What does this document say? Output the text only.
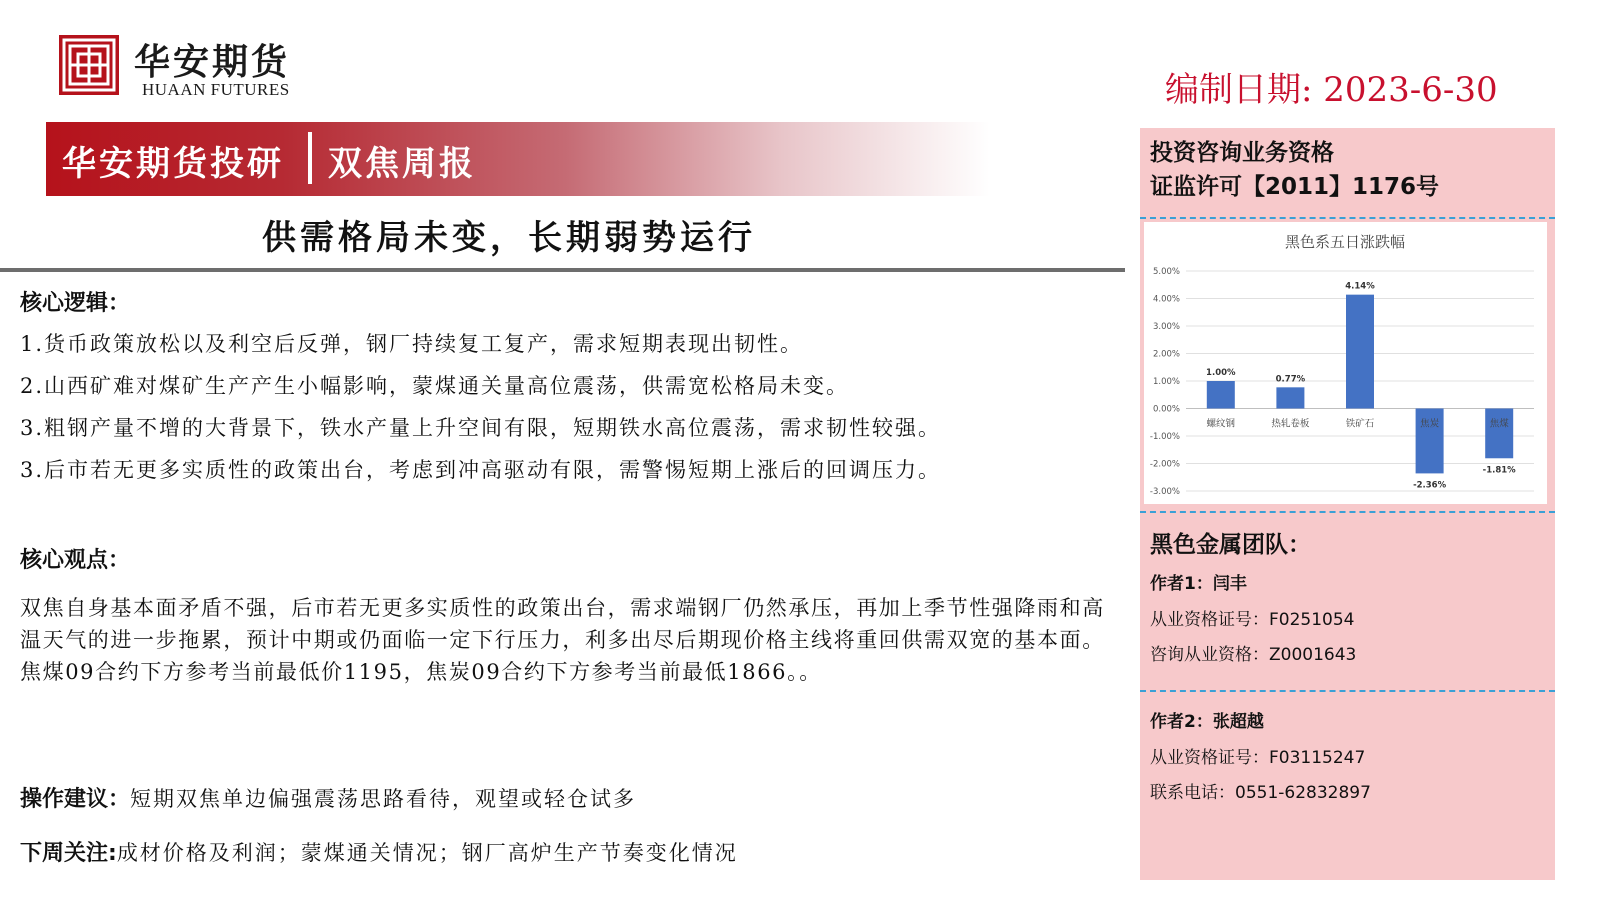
华安期货
HUAAN FUTURES	编制日期: 2023-6-30
华安期货投研 双焦周报
供需格局未变，长期弱势运行
核心逻辑：
1.货币政策放松以及利空后反弹，钢厂持续复工复产，需求短期表现出韧性。
2.山西矿难对煤矿生产产生小幅影响，蒙煤通关量高位震荡，供需宽松格局未变。
3.粗钢产量不增的大背景下，铁水产量上升空间有限，短期铁水高位震荡，需求韧性较强。
3.后市若无更多实质性的政策出台，考虑到冲高驱动有限，需警惕短期上涨后的回调压力。
核心观点：
双焦自身基本面矛盾不强，后市若无更多实质性的政策出台，需求端钢厂仍然承压，再加上季节性强降雨和高温天气的进一步拖累，预计中期或仍面临一定下行压力，利多出尽后期现价格主线将重回供需双宽的基本面。焦煤09合约下方参考当前最低价1195，焦炭09合约下方参考当前最低1866。。
操作建议：短期双焦单边偏强震荡思路看待，观望或轻仓试多
下周关注:成材价格及利润；蒙煤通关情况；钢厂高炉生产节奏变化情况
投资咨询业务资格
证监许可【2011】1176号
黑色金属团队：
作者1：闫丰
从业资格证号：F0251054
咨询从业资格：Z0001643
作者2：张超越
从业资格证号：F03115247
联系电话：0551-62832897
黑色系五日涨跌幅
5.00%
4.00%
3.00%
2.00%
1.00%
0.00%
-1.00%
-2.00%
-3.00%
1.00%
螺纹钢
0.77%
热轧卷板
4.14%
铁矿石
-2.36%
焦炭
-1.81%
焦煤
